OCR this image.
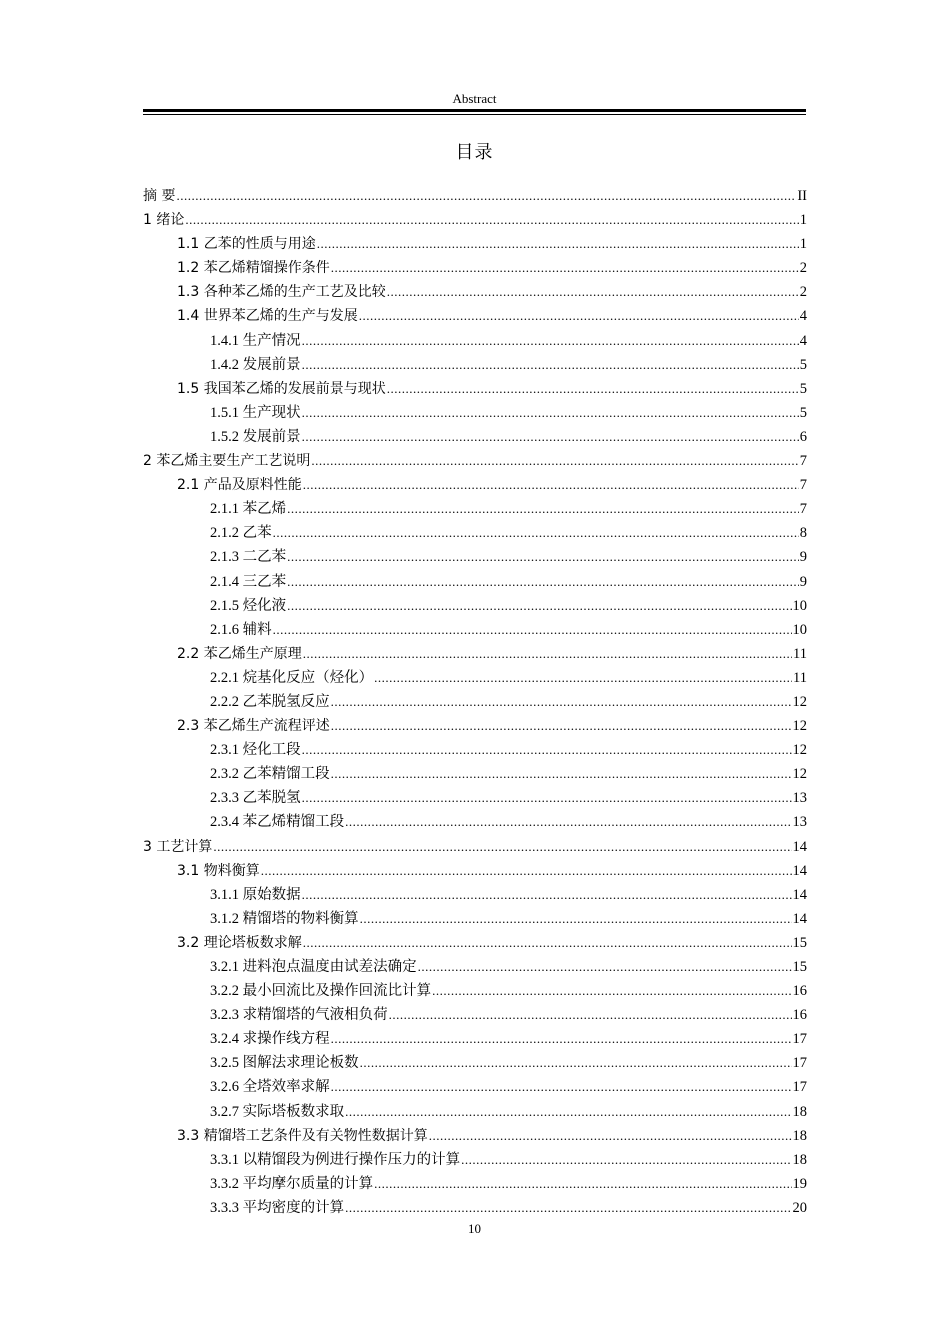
Abstract
目录
摘 要 .....	II
1 绪论 .....	1
1.1 乙苯的性质与用途 .....	1
1.2 苯乙烯精馏操作条件 .....	2
1.3 各种苯乙烯的生产工艺及比较 .....	2
1.4 世界苯乙烯的生产与发展 .....	4
1.4.1 生产情况 .....	4
1.4.2 发展前景 .....	5
1.5 我国苯乙烯的发展前景与现状 .....	5
1.5.1 生产现状 .....	5
1.5.2 发展前景 .....	6
2 苯乙烯主要生产工艺说明 .....	7
2.1 产品及原料性能 .....	7
2.1.1 苯乙烯 .....	7
2.1.2 乙苯 .....	8
2.1.3 二乙苯 .....	9
2.1.4 三乙苯 .....	9
2.1.5 烃化液 .....	10
2.1.6 辅料 .....	10
2.2 苯乙烯生产原理 .....	11
2.2.1 烷基化反应（烃化） .....	11
2.2.2 乙苯脱氢反应 .....	12
2.3 苯乙烯生产流程评述 .....	12
2.3.1 烃化工段 .....	12
2.3.2 乙苯精馏工段 .....	12
2.3.3 乙苯脱氢 .....	13
2.3.4 苯乙烯精馏工段 .....	13
3 工艺计算 .....	14
3.1 物料衡算 .....	14
3.1.1 原始数据 .....	14
3.1.2 精馏塔的物料衡算 .....	14
3.2 理论塔板数求解 .....	15
3.2.1 进料泡点温度由试差法确定 .....	15
3.2.2 最小回流比及操作回流比计算 .....	16
3.2.3 求精馏塔的气液相负荷 .....	16
3.2.4 求操作线方程 .....	17
3.2.5 图解法求理论板数 .....	17
3.2.6 全塔效率求解 .....	17
3.2.7 实际塔板数求取 .....	18
3.3 精馏塔工艺条件及有关物性数据计算 .....	18
3.3.1 以精馏段为例进行操作压力的计算 .....	18
3.3.2 平均摩尔质量的计算 .....	19
3.3.3 平均密度的计算 .....	20
10
